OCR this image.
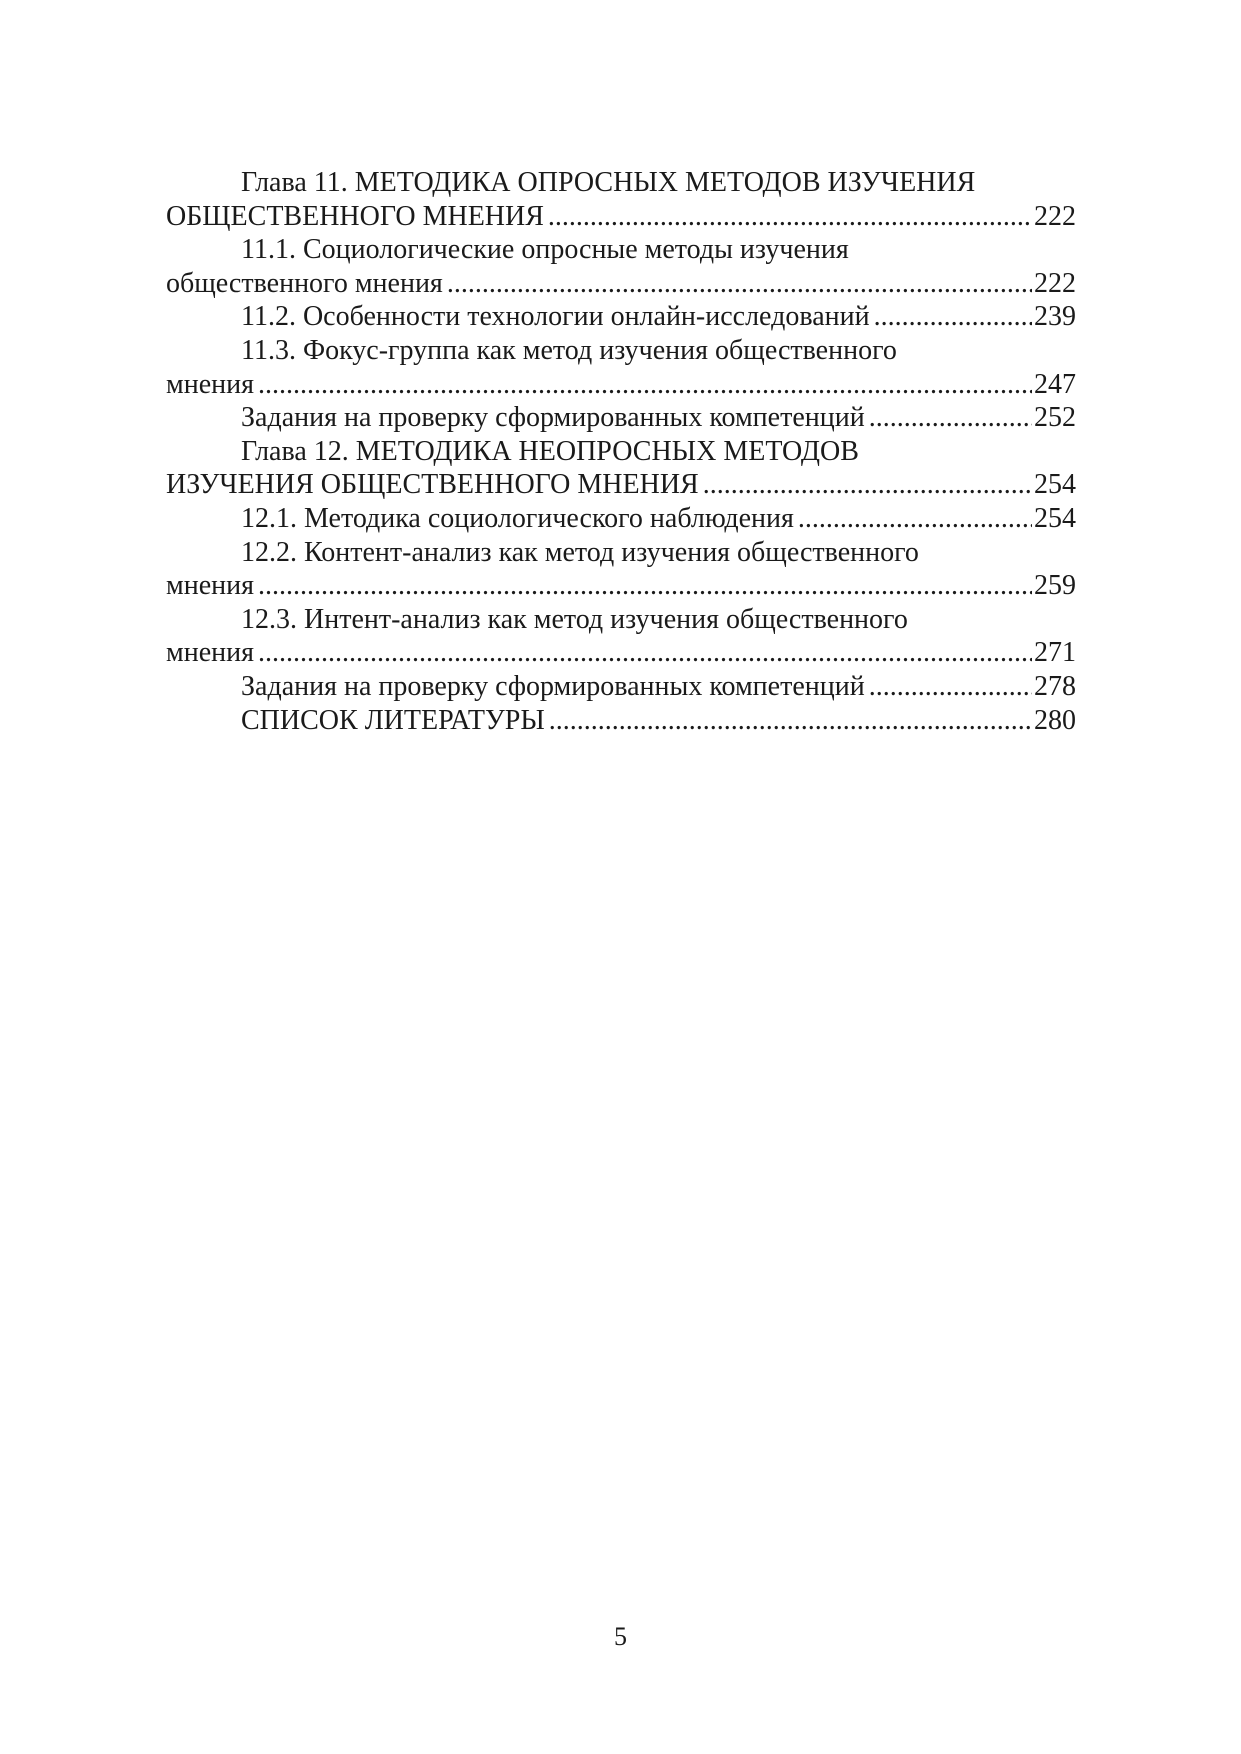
Глава 11. МЕТОДИКА ОПРОСНЫХ МЕТОДОВ ИЗУЧЕНИЯ
ОБЩЕСТВЕННОГО МНЕНИЯ .....	222
11.1. Социологические опросные методы изучения
общественного мнения .....	222
11.2. Особенности технологии онлайн-исследований .....	239
11.3. Фокус-группа как метод изучения общественного
мнения .....	247
Задания на проверку сформированных компетенций .....	252
Глава 12. МЕТОДИКА НЕОПРОСНЫХ МЕТОДОВ
ИЗУЧЕНИЯ ОБЩЕСТВЕННОГО МНЕНИЯ .....	254
12.1. Методика социологического наблюдения .....	254
12.2. Контент-анализ как метод изучения общественного
мнения .....	259
12.3. Интент-анализ как метод изучения общественного
мнения .....	271
Задания на проверку сформированных компетенций .....	278
СПИСОК ЛИТЕРАТУРЫ .....	280
5
